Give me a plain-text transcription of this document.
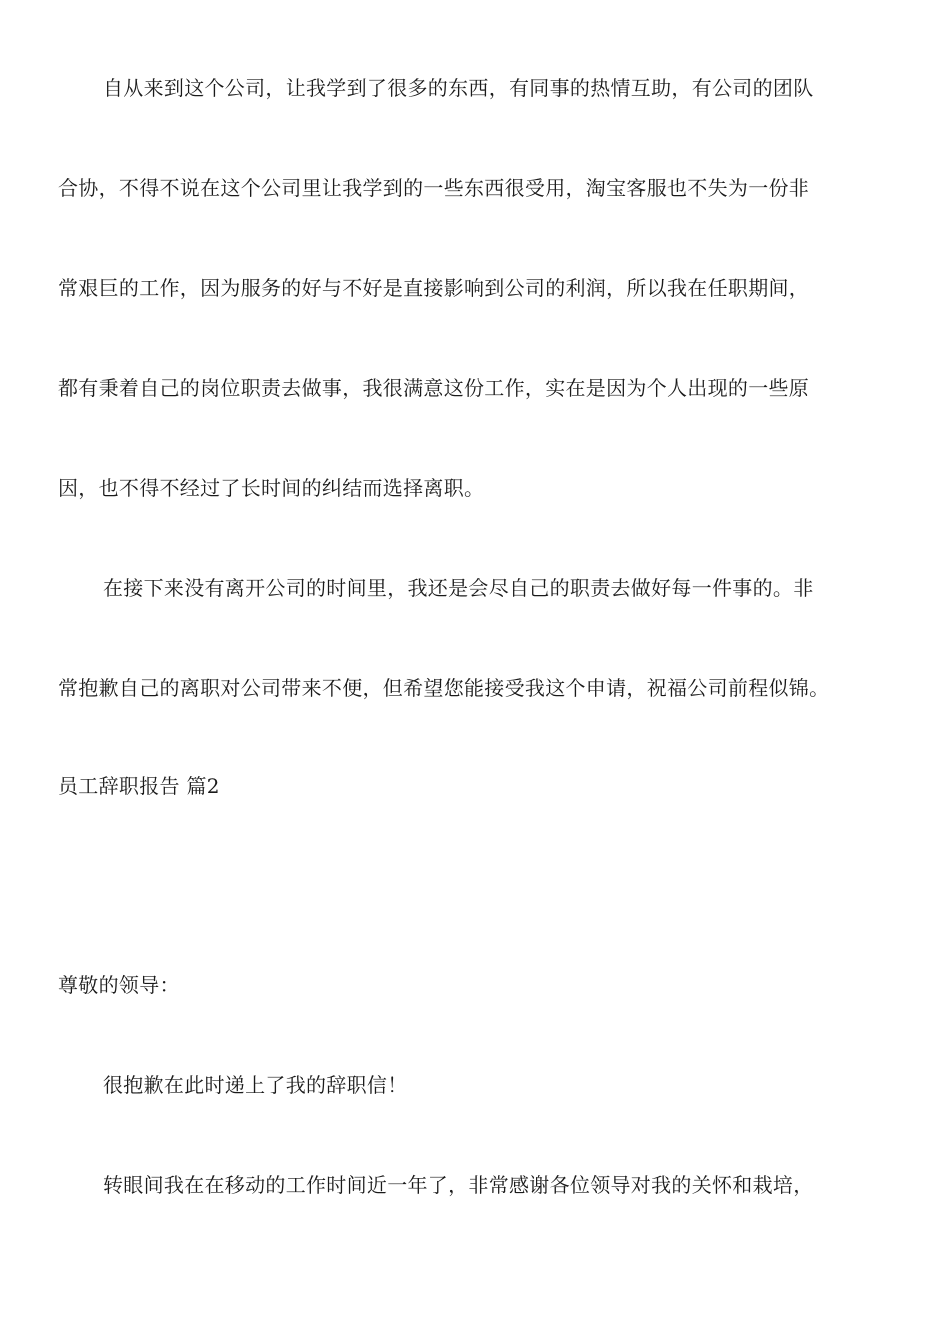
自从来到这个公司，让我学到了很多的东西，有同事的热情互助，有公司的团队
合协，不得不说在这个公司里让我学到的一些东西很受用，淘宝客服也不失为一份非
常艰巨的工作，因为服务的好与不好是直接影响到公司的利润，所以我在任职期间，
都有秉着自己的岗位职责去做事，我很满意这份工作，实在是因为个人出现的一些原
因，也不得不经过了长时间的纠结而选择离职。
在接下来没有离开公司的时间里，我还是会尽自己的职责去做好每一件事的。非
常抱歉自己的离职对公司带来不便，但希望您能接受我这个申请，祝福公司前程似锦。
员工辞职报告 篇2
尊敬的领导：
很抱歉在此时递上了我的辞职信！
转眼间我在在移动的工作时间近一年了，非常感谢各位领导对我的关怀和栽培，
